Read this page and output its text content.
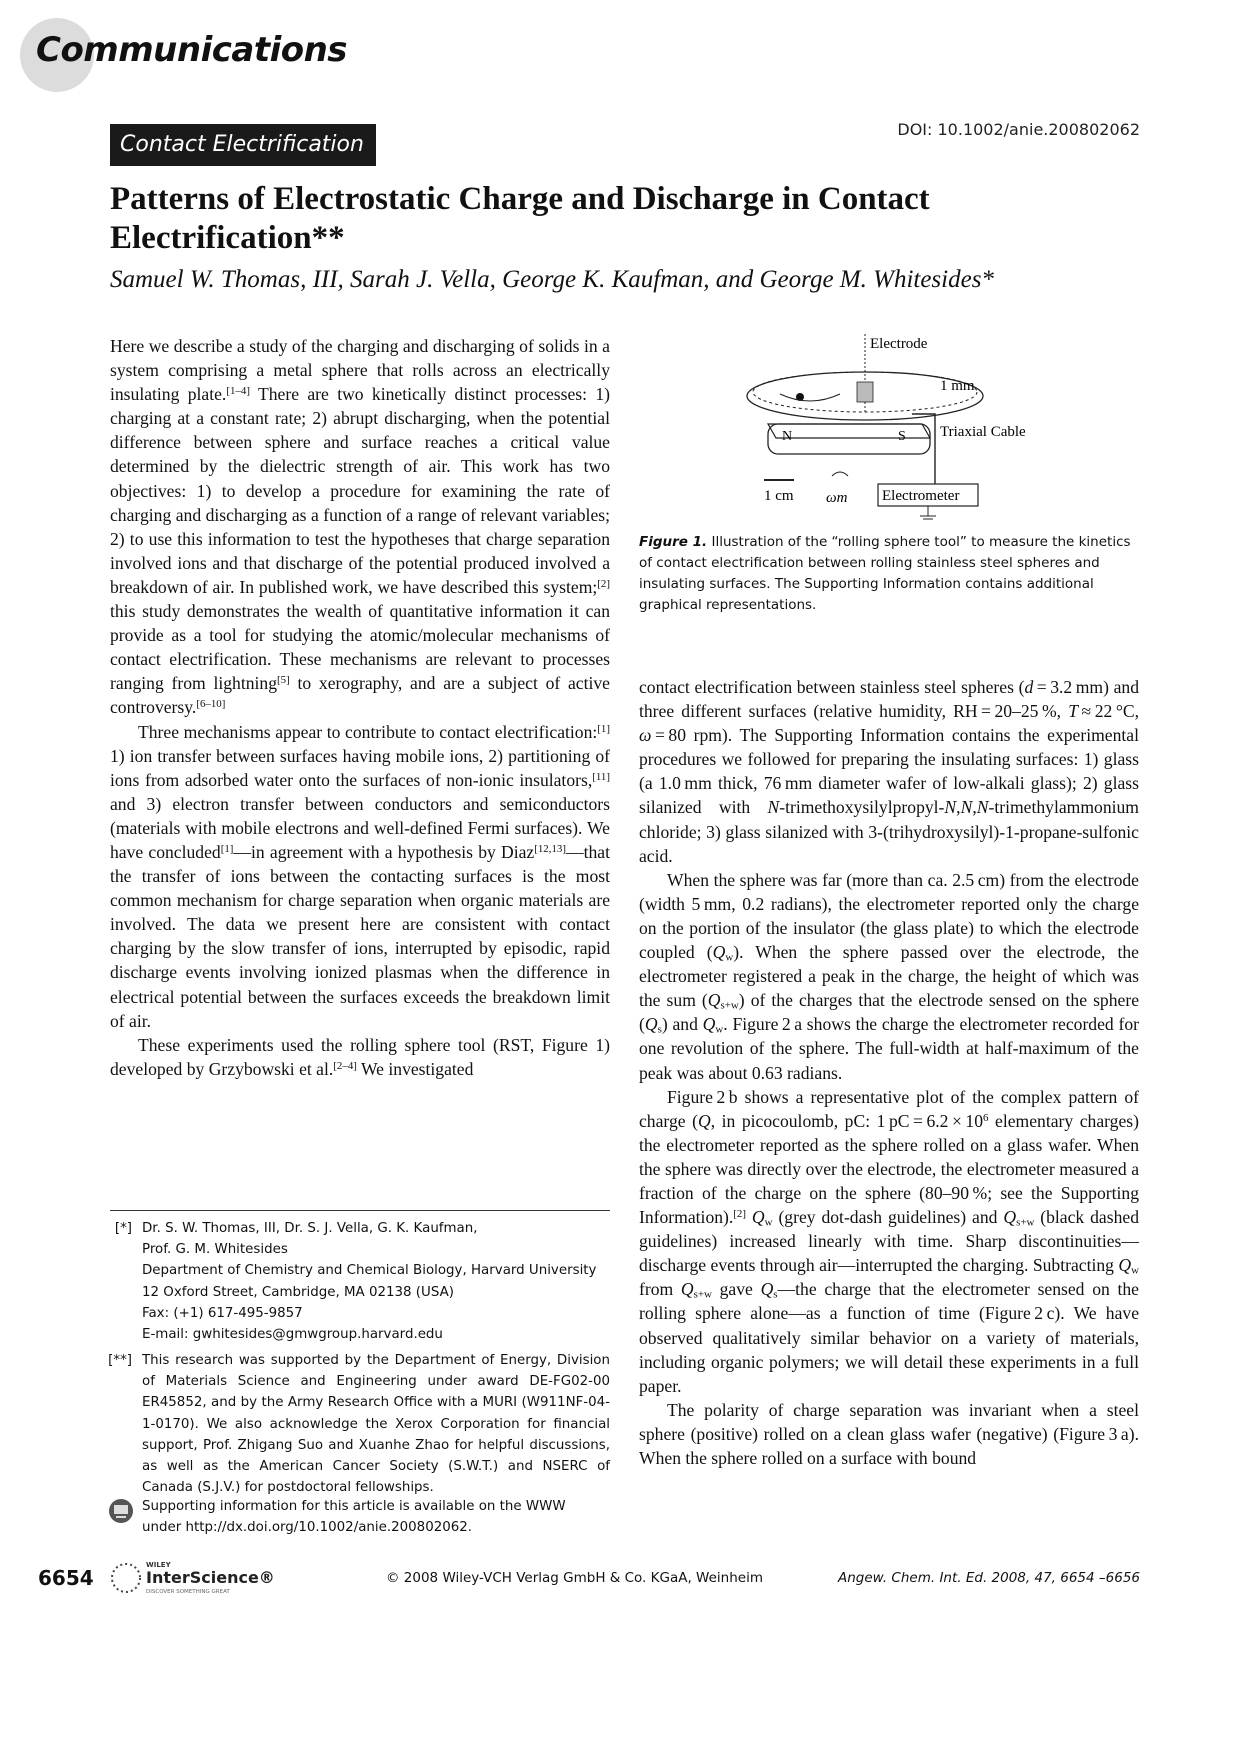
Communications
Contact Electrification
DOI: 10.1002/anie.200802062
Patterns of Electrostatic Charge and Discharge in Contact Electrification**
Samuel W. Thomas, III, Sarah J. Vella, George K. Kaufman, and George M. Whitesides*

Here we describe a study of the charging and discharging of solids in a system comprising a metal sphere that rolls across an electrically insulating plate.[1–4] There are two kinetically distinct processes: 1) charging at a constant rate; 2) abrupt discharging, when the potential difference between sphere and surface reaches a critical value determined by the dielectric strength of air. This work has two objectives: 1) to develop a procedure for examining the rate of charging and discharging as a function of a range of relevant variables; 2) to use this information to test the hypotheses that charge separation involved ions and that discharge of the potential produced involved a breakdown of air. In published work, we have described this system;[2] this study demonstrates the wealth of quantitative information it can provide as a tool for studying the atomic/molecular mechanisms of contact electrification. These mechanisms are relevant to processes ranging from lightning[5] to xerography, and are a subject of active controversy.[6–10]

Three mechanisms appear to contribute to contact electrification:[1] 1) ion transfer between surfaces having mobile ions, 2) partitioning of ions from adsorbed water onto the surfaces of non-ionic insulators,[11] and 3) electron transfer between conductors and semiconductors (materials with mobile electrons and well-defined Fermi surfaces). We have concluded[1]—in agreement with a hypothesis by Diaz[12,13]—that the transfer of ions between the contacting surfaces is the most common mechanism for charge separation when organic materials are involved. The data we present here are consistent with contact charging by the slow transfer of ions, interrupted by episodic, rapid discharge events involving ionized plasmas when the difference in electrical potential between the surfaces exceeds the breakdown limit of air.

These experiments used the rolling sphere tool (RST, Figure 1) developed by Grzybowski et al.[2–4] We investigated

N	S
Electrode
1 mm
Triaxial Cable
Electrometer
1 cm ωm
Figure 1. Illustration of the “rolling sphere tool” to measure the kinetics of contact electrification between rolling stainless steel spheres and insulating surfaces. The Supporting Information contains additional graphical representations.

contact electrification between stainless steel spheres (d = 3.2 mm) and three different surfaces (relative humidity, RH = 20–25 %, T ≈ 22 °C, ω = 80 rpm). The Supporting Information contains the experimental procedures we followed for preparing the insulating surfaces: 1) glass (a 1.0 mm thick, 76 mm diameter wafer of low-alkali glass); 2) glass silanized with N-trimethoxysilylpropyl-N,N,N-trimethylammonium chloride; 3) glass silanized with 3-(trihydroxysilyl)-1-propane-sulfonic acid.

When the sphere was far (more than ca. 2.5 cm) from the electrode (width 5 mm, 0.2 radians), the electrometer reported only the charge on the portion of the insulator (the glass plate) to which the electrode coupled $(Q_w)$. When the sphere passed over the electrode, the electrometer registered a peak in the charge, the height of which was the sum $(Q_{s+w})$ of the charges that the electrode sensed on the sphere $(Q_s)$ and $Q_w$. Figure 2 a shows the charge the electrometer recorded for one revolution of the sphere. The full-width at half-maximum of the peak was about 0.63 radians.

Figure 2 b shows a representative plot of the complex pattern of charge (Q, in picocoulomb, pC: 1 pC = $6.2 \times 10^6$ elementary charges) the electrometer reported as the sphere rolled on a glass wafer. When the sphere was directly over the electrode, the electrometer measured a fraction of the charge on the sphere (80–90 %; see the Supporting Information).[2] $Q_w$ (grey dot-dash guidelines) and $Q_{s+w}$ (black dashed guidelines) increased linearly with time. Sharp discontinuities—discharge events through air—interrupted the charging. Subtracting $Q_w$ from $Q_{s+w}$ gave $Q_s—the$ charge that the electrometer sensed on the rolling sphere alone—as a function of time (Figure 2 c). We have observed qualitatively similar behavior on a variety of materials, including organic polymers; we will detail these experiments in a full paper.

The polarity of charge separation was invariant when a steel sphere (positive) rolled on a clean glass wafer (negative) (Figure 3 a). When the sphere rolled on a surface with bound

[*] Dr. S. W. Thomas, III, Dr. S. J. Vella, G. K. Kaufman,
Prof. G. M. Whitesides
Department of Chemistry and Chemical Biology, Harvard University
12 Oxford Street, Cambridge, MA 02138 (USA)
Fax: (+1) 617-495-9857
E-mail: gwhitesides@gmwgroup.harvard.edu
[**] This research was supported by the Department of Energy, Division of Materials Science and Engineering under award DE-FG02-00 ER45852, and by the Army Research Office with a MURI (W911NF-04-1-0170). We also acknowledge the Xerox Corporation for financial support, Prof. Zhigang Suo and Xuanhe Zhao for helpful discussions, as well as the American Cancer Society (S.W.T.) and NSERC of Canada (S.J.V.) for postdoctoral fellowships.
Supporting information for this article is available on the WWW
under http://dx.doi.org/10.1002/anie.200802062.
6654
WILEY
InterScience®
DISCOVER SOMETHING GREAT
© 2008 Wiley-VCH Verlag GmbH & Co. KGaA, Weinheim	Angew. Chem. Int. Ed. 2008, 47, 6654 –6656
